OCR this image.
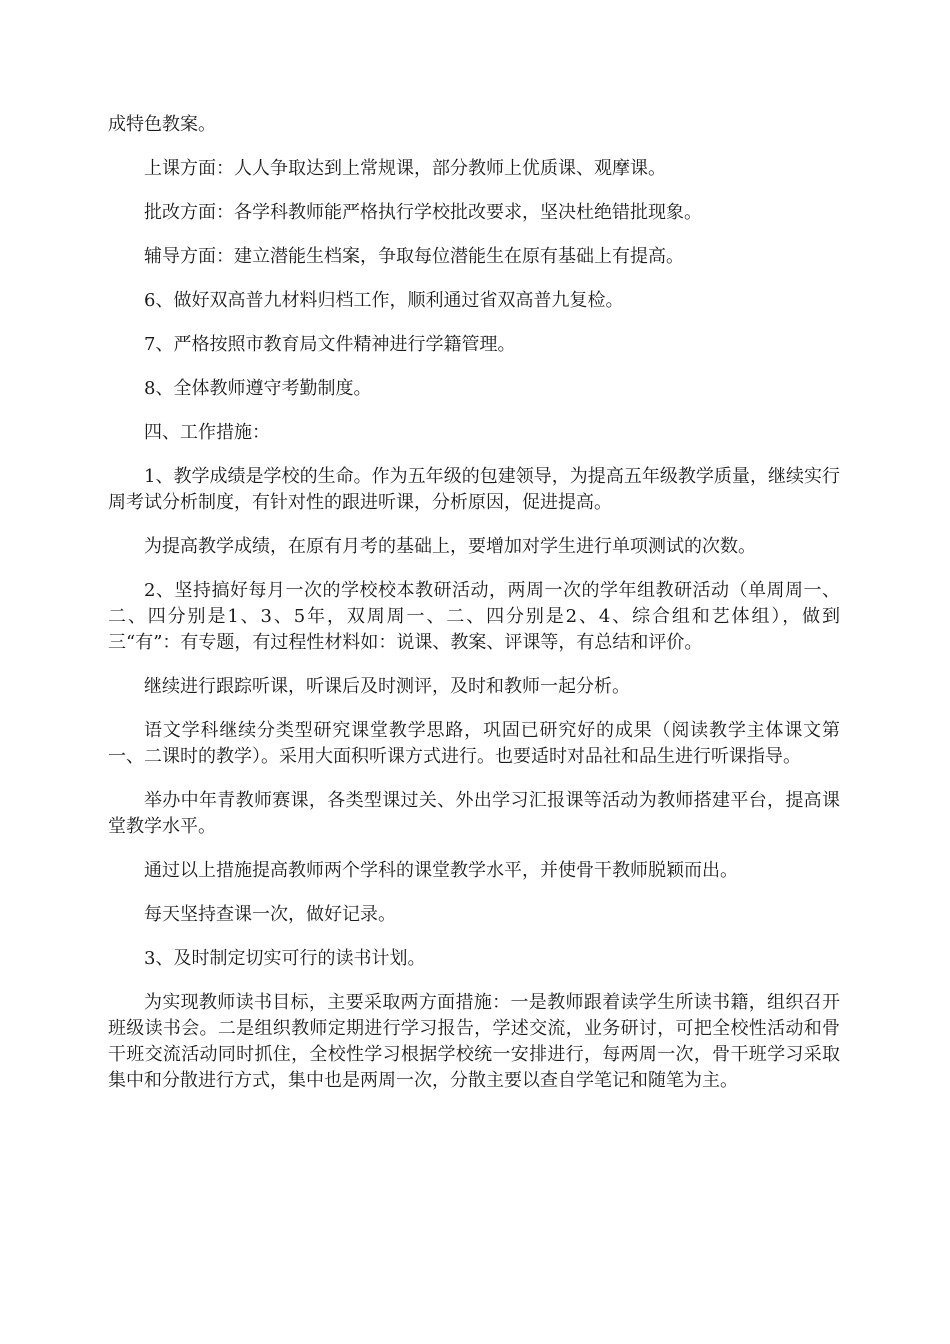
成特色教案。

上课方面：人人争取达到上常规课，部分教师上优质课、观摩课。

批改方面：各学科教师能严格执行学校批改要求，坚决杜绝错批现象。

辅导方面：建立潜能生档案，争取每位潜能生在原有基础上有提高。

6、做好双高普九材料归档工作，顺利通过省双高普九复检。

7、严格按照市教育局文件精神进行学籍管理。

8、全体教师遵守考勤制度。

四、工作措施：

1、教学成绩是学校的生命。作为五年级的包建领导，为提高五年级教学质量，继续实行周考试分析制度，有针对性的跟进听课，分析原因，促进提高。

为提高教学成绩，在原有月考的基础上，要增加对学生进行单项测试的次数。

2、坚持搞好每月一次的学校校本教研活动，两周一次的学年组教研活动（单周周一、二、四分别是1、3、5年，双周周一、二、四分别是2、4、综合组和艺体组），做到三“有”：有专题，有过程性材料如：说课、教案、评课等，有总结和评价。

继续进行跟踪听课，听课后及时测评，及时和教师一起分析。

语文学科继续分类型研究课堂教学思路，巩固已研究好的成果（阅读教学主体课文第一、二课时的教学）。采用大面积听课方式进行。也要适时对品社和品生进行听课指导。

举办中年青教师赛课，各类型课过关、外出学习汇报课等活动为教师搭建平台，提高课堂教学水平。

通过以上措施提高教师两个学科的课堂教学水平，并使骨干教师脱颖而出。

每天坚持查课一次，做好记录。

3、及时制定切实可行的读书计划。

为实现教师读书目标，主要采取两方面措施：一是教师跟着读学生所读书籍，组织召开班级读书会。二是组织教师定期进行学习报告，学述交流，业务研讨，可把全校性活动和骨干班交流活动同时抓住，全校性学习根据学校统一安排进行，每两周一次，骨干班学习采取集中和分散进行方式，集中也是两周一次，分散主要以查自学笔记和随笔为主。
